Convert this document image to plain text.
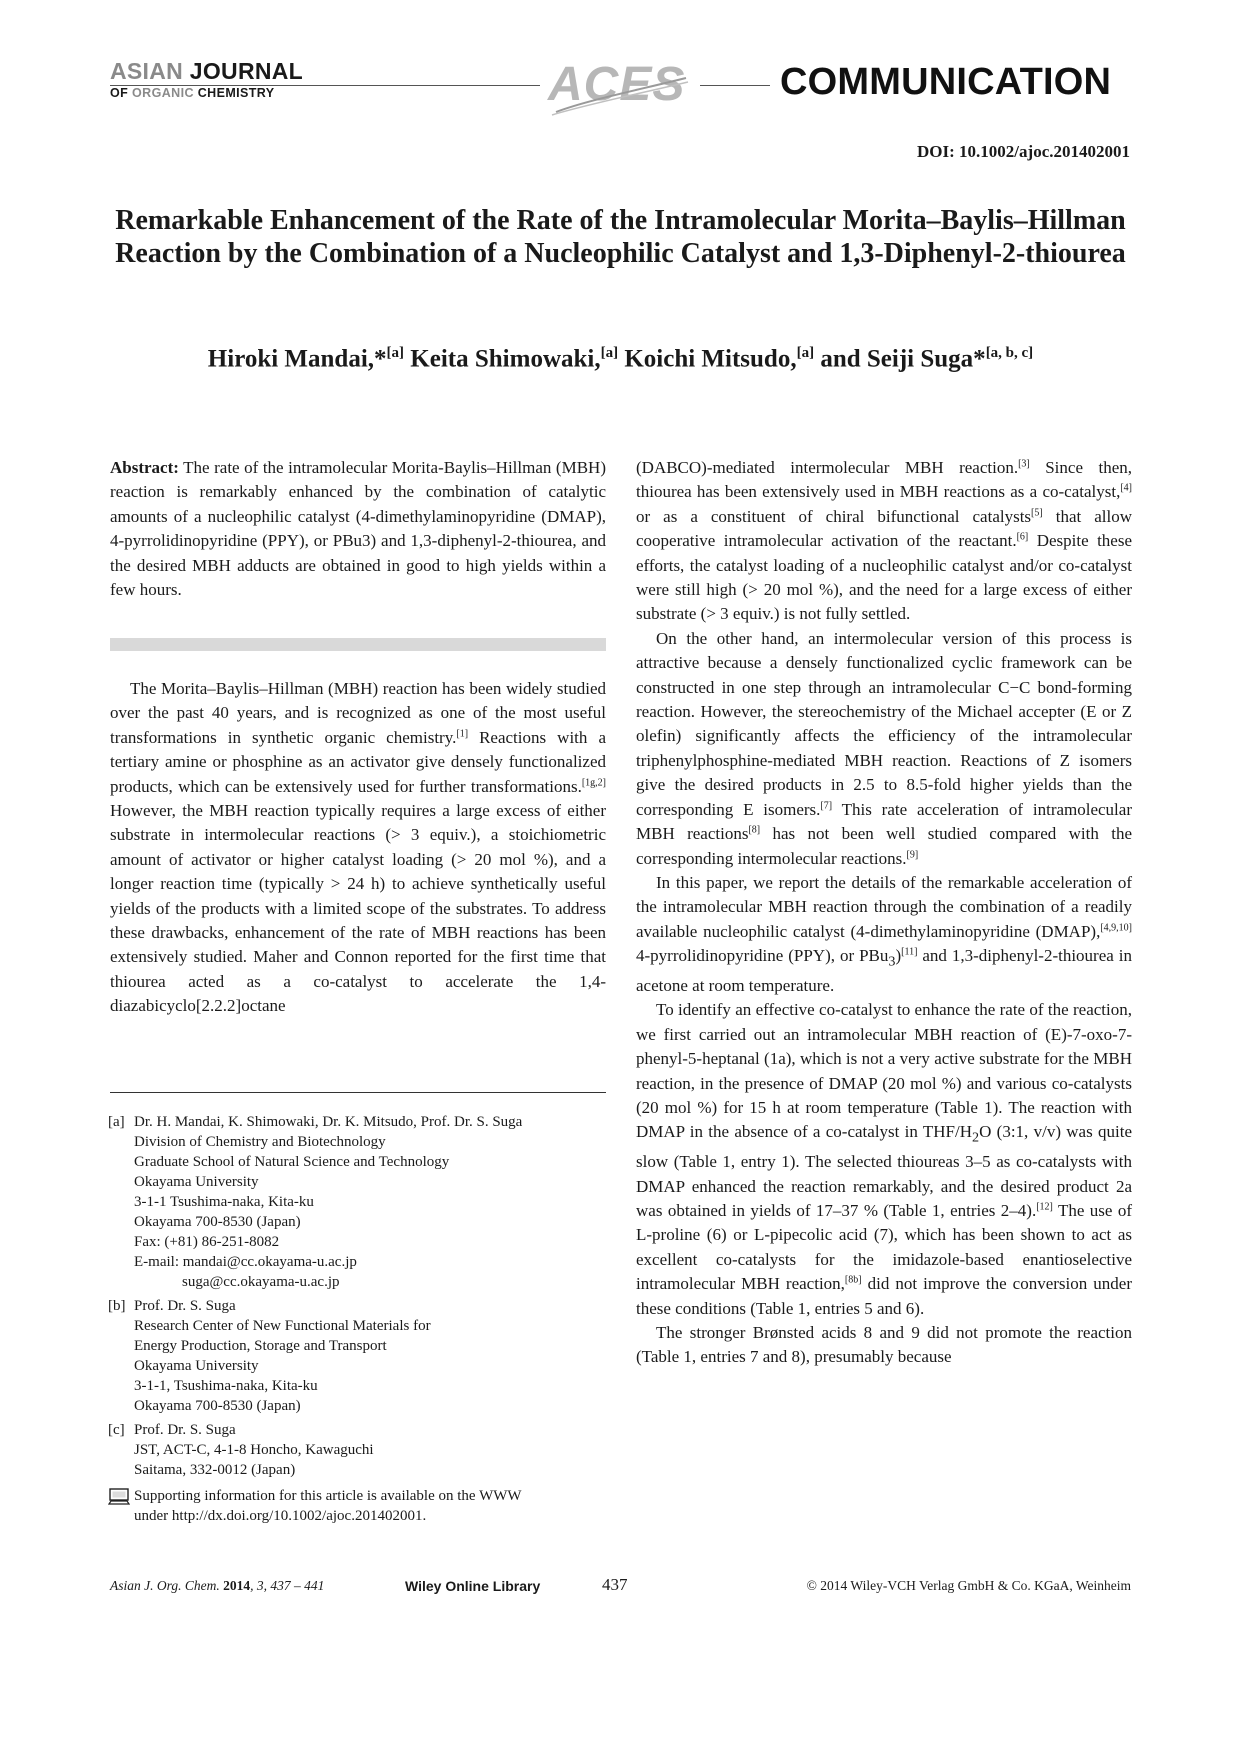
ASIAN JOURNAL
OF ORGANIC CHEMISTRY	ACES	COMMUNICATION
DOI: 10.1002/ajoc.201402001
Remarkable Enhancement of the Rate of the Intramolecular Morita–Baylis–Hillman Reaction by the Combination of a Nucleophilic Catalyst and 1,3-Diphenyl-2-thiourea
Hiroki Mandai,*[a] Keita Shimowaki,[a] Koichi Mitsudo,[a] and Seiji Suga*[a, b, c]

Abstract: The rate of the intramolecular Morita-Baylis–Hillman (MBH) reaction is remarkably enhanced by the combination of catalytic amounts of a nucleophilic catalyst (4-dimethylaminopyridine (DMAP), 4-pyrrolidinopyridine (PPY), or PBu3) and 1,3-diphenyl-2-thiourea, and the desired MBH adducts are obtained in good to high yields within a few hours.

The Morita–Baylis–Hillman (MBH) reaction has been widely studied over the past 40 years, and is recognized as one of the most useful transformations in synthetic organic chemistry.[1] Reactions with a tertiary amine or phosphine as an activator give densely functionalized products, which can be extensively used for further transformations.[1g,2] However, the MBH reaction typically requires a large excess of either substrate in intermolecular reactions (> 3 equiv.), a stoichiometric amount of activator or higher catalyst loading (> 20 mol %), and a longer reaction time (typically > 24 h) to achieve synthetically useful yields of the products with a limited scope of the substrates. To address these drawbacks, enhancement of the rate of MBH reactions has been extensively studied. Maher and Connon reported for the first time that thiourea acted as a co-catalyst to accelerate the 1,4-diazabicyclo[2.2.2]octane

[a] Dr. H. Mandai, K. Shimowaki, Dr. K. Mitsudo, Prof. Dr. S. Suga
Division of Chemistry and Biotechnology
Graduate School of Natural Science and Technology
Okayama University
3-1-1 Tsushima-naka, Kita-ku
Okayama 700-8530 (Japan)
Fax: (+81) 86-251-8082
E-mail: mandai@cc.okayama-u.ac.jp
suga@cc.okayama-u.ac.jp
[b] Prof. Dr. S. Suga
Research Center of New Functional Materials for
Energy Production, Storage and Transport
Okayama University
3-1-1, Tsushima-naka, Kita-ku
Okayama 700-8530 (Japan)
[c] Prof. Dr. S. Suga
JST, ACT-C, 4-1-8 Honcho, Kawaguchi
Saitama, 332-0012 (Japan)
Supporting information for this article is available on the WWW
under http://dx.doi.org/10.1002/ajoc.201402001.

(DABCO)-mediated intermolecular MBH reaction.[3] Since then, thiourea has been extensively used in MBH reactions as a co-catalyst,[4] or as a constituent of chiral bifunctional catalysts[5] that allow cooperative intramolecular activation of the reactant.[6] Despite these efforts, the catalyst loading of a nucleophilic catalyst and/or co-catalyst were still high (> 20 mol %), and the need for a large excess of either substrate (> 3 equiv.) is not fully settled.

On the other hand, an intermolecular version of this process is attractive because a densely functionalized cyclic framework can be constructed in one step through an intramolecular C−C bond-forming reaction. However, the stereochemistry of the Michael accepter (E or Z olefin) significantly affects the efficiency of the intramolecular triphenylphosphine-mediated MBH reaction. Reactions of Z isomers give the desired products in 2.5 to 8.5-fold higher yields than the corresponding E isomers.[7] This rate acceleration of intramolecular MBH reactions[8] has not been well studied compared with the corresponding intermolecular reactions.[9]

In this paper, we report the details of the remarkable acceleration of the intramolecular MBH reaction through the combination of a readily available nucleophilic catalyst (4-dimethylaminopyridine (DMAP),[4,9,10] 4-pyrrolidinopyridine (PPY), or PBu$_3$)[11] and 1,3-diphenyl-2-thiourea in acetone at room temperature.

To identify an effective co-catalyst to enhance the rate of the reaction, we first carried out an intramolecular MBH reaction of (E)-7-oxo-7-phenyl-5-heptanal (1a), which is not a very active substrate for the MBH reaction, in the presence of DMAP (20 mol %) and various co-catalysts (20 mol %) for 15 h at room temperature (Table 1). The reaction with DMAP in the absence of a co-catalyst in THF/$H_2O$ (3:1, v/v) was quite slow (Table 1, entry 1). The selected thioureas 3–5 as co-catalysts with DMAP enhanced the reaction remarkably, and the desired product 2a was obtained in yields of 17–37 % (Table 1, entries 2–4).[12] The use of L-proline (6) or L-pipecolic acid (7), which has been shown to act as excellent co-catalysts for the imidazole-based enantioselective intramolecular MBH reaction,[8b] did not improve the conversion under these conditions (Table 1, entries 5 and 6).

The stronger Brønsted acids 8 and 9 did not promote the reaction (Table 1, entries 7 and 8), presumably because

Asian J. Org. Chem. 2014, 3, 437 – 441	Wiley Online Library	437	© 2014 Wiley-VCH Verlag GmbH & Co. KGaA, Weinheim
